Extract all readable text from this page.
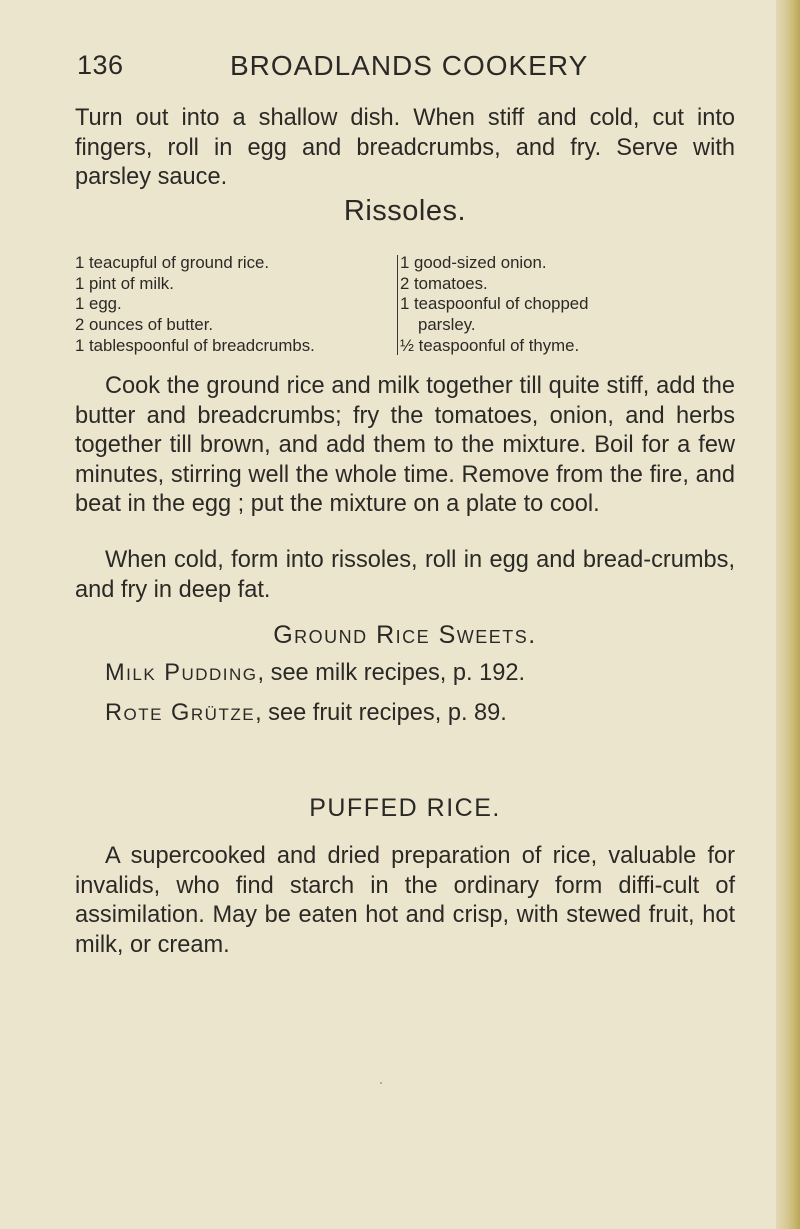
136	BROADLANDS COOKERY

Turn out into a shallow dish. When stiff and cold, cut into fingers, roll in egg and breadcrumbs, and fry. Serve with parsley sauce.

Rissoles.
1 teacupful of ground rice.
1 pint of milk.
1 egg.
2 ounces of butter.
1 tablespoonful of breadcrumbs.
1 good-sized onion.
2 tomatoes.
1 teaspoonful of chopped
parsley.
½ teaspoonful of thyme.

Cook the ground rice and milk together till quite stiff, add the butter and breadcrumbs; fry the tomatoes, onion, and herbs together till brown, and add them to the mixture. Boil for a few minutes, stirring well the whole time. Remove from the fire, and beat in the egg ; put the mixture on a plate to cool.

When cold, form into rissoles, roll in egg and bread-crumbs, and fry in deep fat.

Ground Rice Sweets.

Milk Pudding, see milk recipes, p. 192.

Rote Grütze, see fruit recipes, p. 89.

PUFFED RICE.

A supercooked and dried preparation of rice, valuable for invalids, who find starch in the ordinary form diffi-cult of assimilation. May be eaten hot and crisp, with stewed fruit, hot milk, or cream.
